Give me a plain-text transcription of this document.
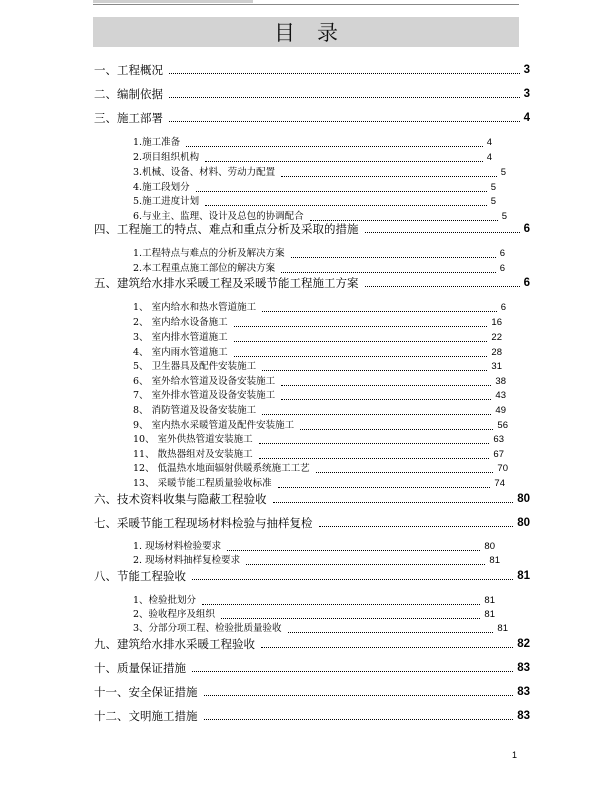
目录
一、工程概况	3
二、编制依据	3
三、施工部署	4
1.施工准备	4
2.项目组织机构	4
3.机械、设备、材料、劳动力配置	5
4.施工段划分	5
5.施工进度计划	5
6.与业主、监理、设计及总包的协调配合	5
四、工程施工的特点、难点和重点分析及采取的措施	6
1.工程特点与难点的分析及解决方案	6
2.本工程重点施工部位的解决方案	6
五、建筑给水排水采暖工程及采暖节能工程施工方案	6
1、 室内给水和热水管道施工	6
2、 室内给水设备施工	16
3、 室内排水管道施工	22
4、 室内雨水管道施工	28
5、 卫生器具及配件安装施工	31
6、 室外给水管道及设备安装施工	38
7、 室外排水管道及设备安装施工	43
8、 消防管道及设备安装施工	49
9、 室内热水采暖管道及配件安装施工	56
10、 室外供热管道安装施工	63
11、 散热器组对及安装施工	67
12、 低温热水地面辐射供暖系统施工工艺	70
13、 采暖节能工程质量验收标准	74
六、技术资料收集与隐蔽工程验收	80
七、采暖节能工程现场材料检验与抽样复检	80
1. 现场材料检验要求	80
2. 现场材料抽样复检要求	81
八、节能工程验收	81
1、检验批划分	81
2、验收程序及组织	81
3、分部分项工程、检验批质量验收	81
九、建筑给水排水采暖工程验收	82
十、质量保证措施	83
十一、安全保证措施	83
十二、文明施工措施	83
1
